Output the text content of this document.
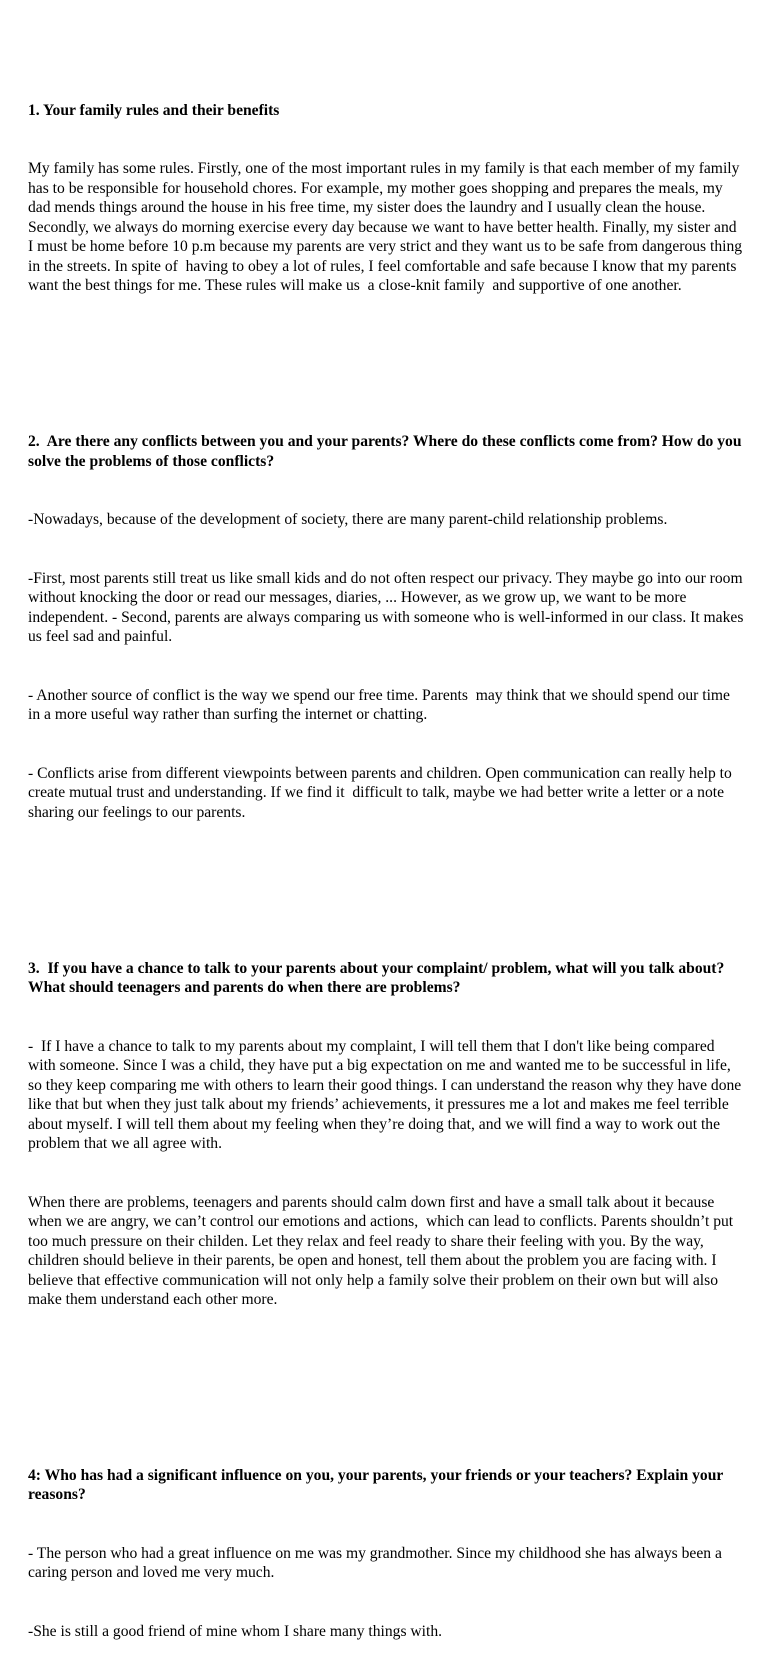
1. Your family rules and their benefits

My family has some rules. Firstly, one of the most important rules in my family is that each member of my family has to be responsible for household chores. For example, my mother goes shopping and prepares the meals, my dad mends things around the house in his free time, my sister does the laundry and I usually clean the house. Secondly, we always do morning exercise every day because we want to have better health. Finally, my sister and I must be home before 10 p.m because my parents are very strict and they want us to be safe from dangerous thing in the streets. In spite of  having to obey a lot of rules, I feel comfortable and safe because I know that my parents want the best things for me. These rules will make us  a close-knit family  and supportive of one another.

2.  Are there any conflicts between you and your parents? Where do these conflicts come from? How do you solve the problems of those conflicts?

-Nowadays, because of the development of society, there are many parent-child relationship problems.

-First, most parents still treat us like small kids and do not often respect our privacy. They maybe go into our room without knocking the door or read our messages, diaries, ... However, as we grow up, we want to be more independent. - Second, parents are always comparing us with someone who is well-informed in our class. It makes us feel sad and painful.

- Another source of conflict is the way we spend our free time. Parents  may think that we should spend our time in a more useful way rather than surfing the internet or chatting.

- Conflicts arise from different viewpoints between parents and children. Open communication can really help to create mutual trust and understanding. If we find it  difficult to talk, maybe we had better write a letter or a note sharing our feelings to our parents.

3.  If you have a chance to talk to your parents about your complaint/ problem, what will you talk about? What should teenagers and parents do when there are problems?

-  If I have a chance to talk to my parents about my complaint, I will tell them that I don't like being compared with someone. Since I was a child, they have put a big expectation on me and wanted me to be successful in life, so they keep comparing me with others to learn their good things. I can understand the reason why they have done like that but when they just talk about my friends’ achievements, it pressures me a lot and makes me feel terrible about myself. I will tell them about my feeling when they’re doing that, and we will find a way to work out the problem that we all agree with.

When there are problems, teenagers and parents should calm down first and have a small talk about it because when we are angry, we can’t control our emotions and actions,  which can lead to conflicts. Parents shouldn’t put too much pressure on their childen. Let they relax and feel ready to share their feeling with you. By the way, children should believe in their parents, be open and honest, tell them about the problem you are facing with. I believe that effective communication will not only help a family solve their problem on their own but will also make them understand each other more.

4: Who has had a significant influence on you, your parents, your friends or your teachers? Explain your reasons?

- The person who had a great influence on me was my grandmother. Since my childhood she has always been a caring person and loved me very much.

-She is still a good friend of mine whom I share many things with.
